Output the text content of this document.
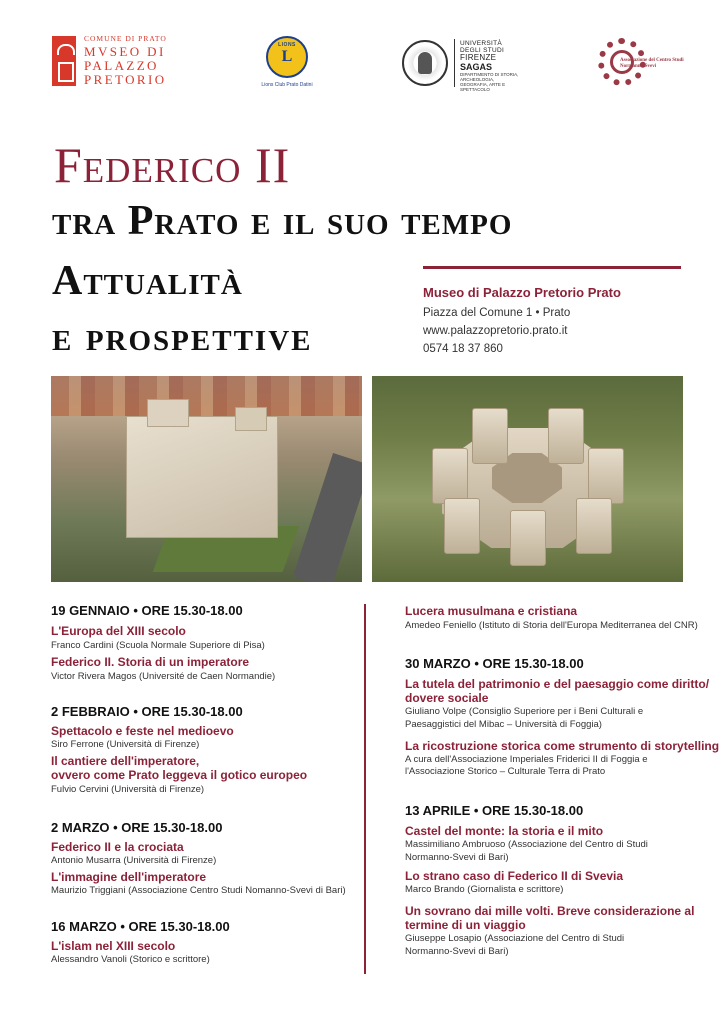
COMUNE DI PRATO
MVSEO DI
PALAZZO
PRETORIO
L
LIONS
Lions Club Prato Datini
UNIVERSITÀ
DEGLI STUDI
FIRENZE
SAGAS
DIPARTIMENTO DI STORIA, ARCHEOLOGIA, GEOGRAFIA, ARTE E SPETTACOLO
Associazione del Centro Studi Normanno-Svevi
Federico II
tra Prato e il suo tempo
Attualità
e prospettive
Museo di Palazzo Pretorio Prato
Piazza del Comune 1 • Prato
www.palazzopretorio.prato.it
0574 18 37 860
19 GENNAIO • ORE 15.30-18.00
L'Europa del XIII secolo
Franco Cardini (Scuola Normale Superiore di Pisa)
Federico II. Storia di un imperatore
Victor Rivera Magos (Université de Caen Normandie)
2 FEBBRAIO • ORE 15.30-18.00
Spettacolo e feste nel medioevo
Siro Ferrone (Università di Firenze)
Il cantiere dell'imperatore,
ovvero come Prato leggeva il gotico europeo
Fulvio Cervini (Università di Firenze)
2 MARZO • ORE 15.30-18.00
Federico II e la crociata
Antonio Musarra (Università di Firenze)
L'immagine dell'imperatore
Maurizio Triggiani (Associazione Centro Studi Nomanno-Svevi di Bari)
16 MARZO • ORE 15.30-18.00
L'islam nel XIII secolo
Alessandro Vanoli (Storico e scrittore)
Lucera musulmana e cristiana
Amedeo Feniello (Istituto di Storia dell'Europa Mediterranea del CNR)
30 MARZO • ORE 15.30-18.00
La tutela del patrimonio e del paesaggio come diritto/
dovere sociale
Giuliano Volpe (Consiglio Superiore per i Beni Culturali e
Paesaggistici del Mibac – Università di Foggia)
La ricostruzione storica come strumento di storytelling
A cura dell'Associazione Imperiales Friderici II di Foggia e
l'Associazione Storico – Culturale Terra di Prato
13 APRILE • ORE 15.30-18.00
Castel del monte: la storia e il mito
Massimiliano Ambruoso (Associazione del Centro di Studi
Normanno-Svevi di Bari)
Lo strano caso di Federico II di Svevia
Marco Brando (Giornalista e scrittore)
Un sovrano dai mille volti. Breve considerazione al
termine di un viaggio
Giuseppe Losapio (Associazione del Centro di Studi
Normanno-Svevi di Bari)
